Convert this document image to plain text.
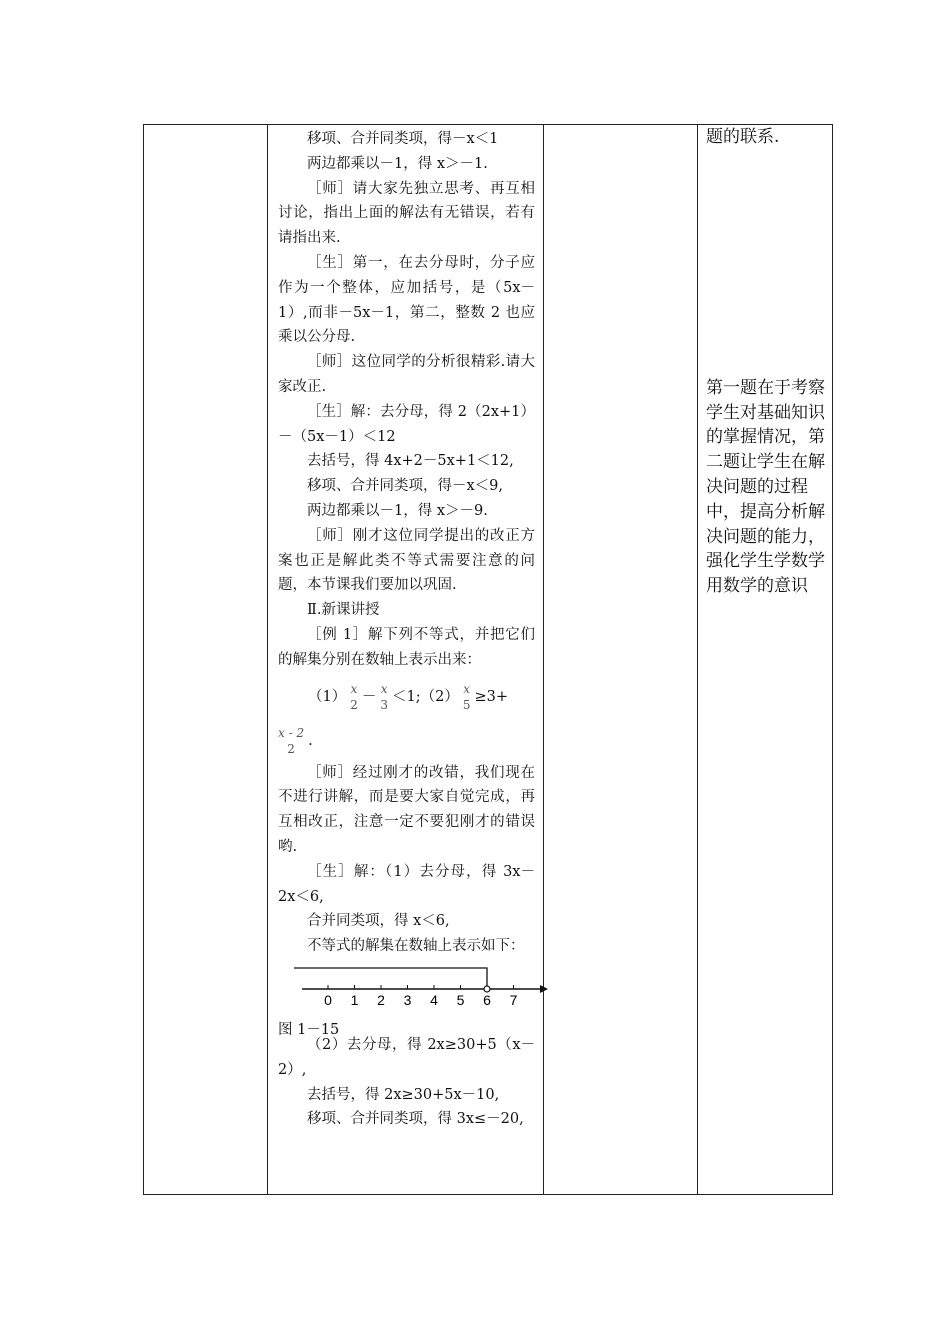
移项、合并同类项，得－x＜1

两边都乘以－1，得 x＞－1.

［师］请大家先独立思考、再互相讨论，指出上面的解法有无错误，若有请指出来.

［生］第一，在去分母时，分子应作为一个整体，应加括号，是（5x－1）,而非－5x－1，第二，整数 2 也应乘以公分母.

［师］这位同学的分析很精彩.请大家改正.

［生］解：去分母，得 2（2x+1）－（5x－1）＜12

去括号，得 4x+2－5x+1＜12,

移项、合并同类项，得－x＜9,

两边都乘以－1，得 x＞－9.

［师］刚才这位同学提出的改正方案也正是解此类不等式需要注意的问题，本节课我们要加以巩固.

Ⅱ.新课讲授

［例 1］解下列不等式，并把它们的解集分别在数轴上表示出来：

（1） x
2 － x
3 ＜1;（2） x
5 ≥3+

x - 2
2 .

［师］经过刚才的改错，我们现在不进行讲解，而是要大家自觉完成，再互相改正，注意一定不要犯刚才的错误哟.

［生］解：（1）去分母，得 3x－2x＜6,

合并同类项，得 x＜6,

不等式的解集在数轴上表示如下：

0 1 2 3 4 5 6 7

图 1－15

（2）去分母，得 2x≥30+5（x－2）,

去括号，得 2x≥30+5x－10,

移项、合并同类项，得 3x≤－20,

题的联系.

第一题在于考察学生对基础知识的掌握情况，第二题让学生在解决问题的过程中，提高分析解决问题的能力，强化学生学数学用数学的意识
